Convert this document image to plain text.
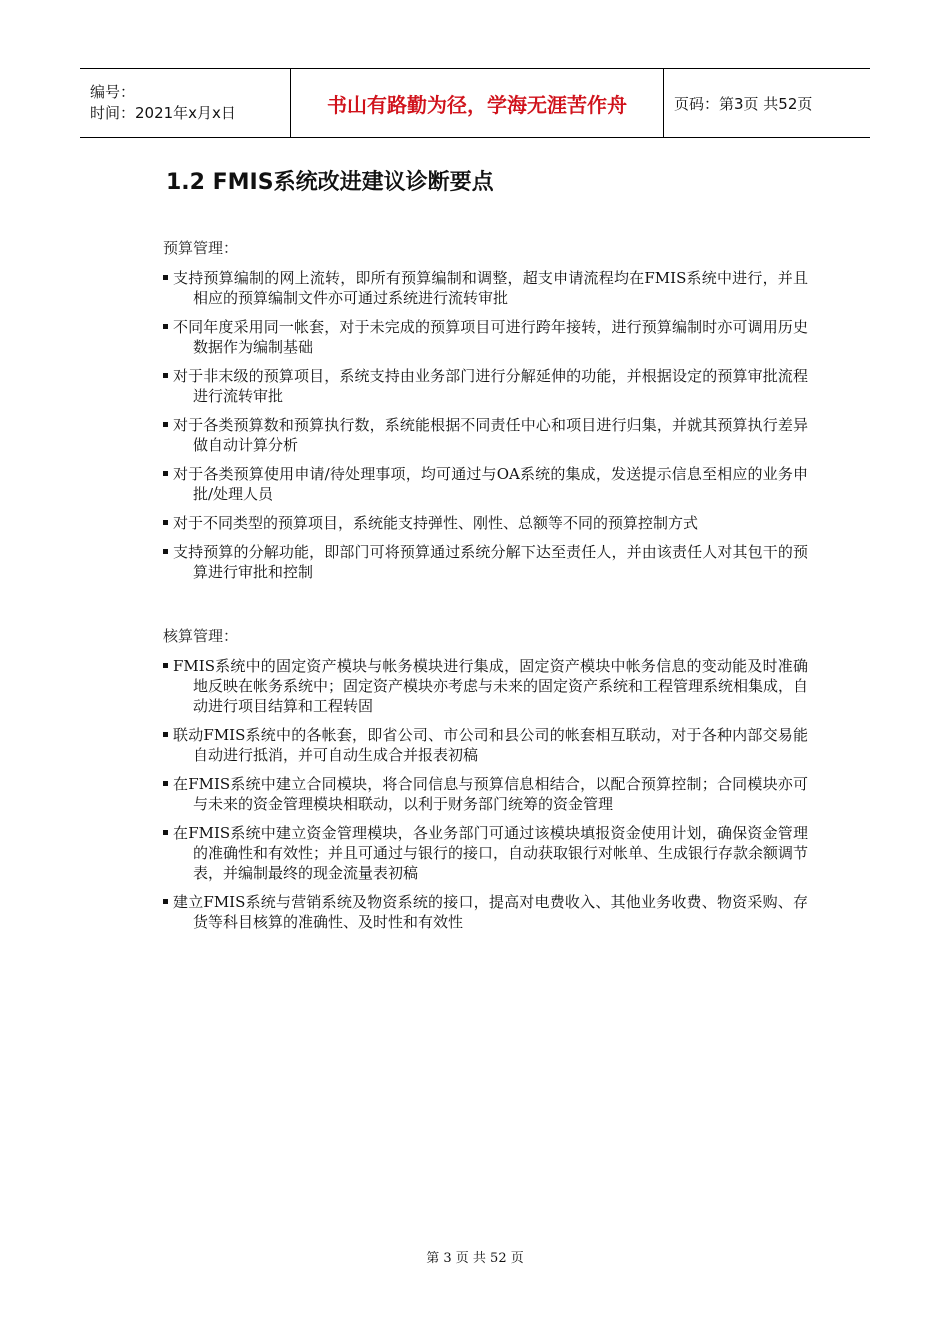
编号：
时间：2021年x月x日	书山有路勤为径，学海无涯苦作舟	页码：第3页 共52页
1.2 FMIS系统改进建议诊断要点
预算管理：
支持预算编制的网上流转，即所有预算编制和调整，超支申请流程均在FMIS系统中进行，并且相应的预算编制文件亦可通过系统进行流转审批
不同年度采用同一帐套，对于未完成的预算项目可进行跨年接转，进行预算编制时亦可调用历史数据作为编制基础
对于非末级的预算项目，系统支持由业务部门进行分解延伸的功能，并根据设定的预算审批流程进行流转审批
对于各类预算数和预算执行数，系统能根据不同责任中心和项目进行归集，并就其预算执行差异做自动计算分析
对于各类预算使用申请/待处理事项，均可通过与OA系统的集成，发送提示信息至相应的业务申批/处理人员
对于不同类型的预算项目，系统能支持弹性、刚性、总额等不同的预算控制方式
支持预算的分解功能，即部门可将预算通过系统分解下达至责任人，并由该责任人对其包干的预算进行审批和控制
核算管理：
FMIS系统中的固定资产模块与帐务模块进行集成，固定资产模块中帐务信息的变动能及时准确地反映在帐务系统中；固定资产模块亦考虑与未来的固定资产系统和工程管理系统相集成，自动进行项目结算和工程转固
联动FMIS系统中的各帐套，即省公司、市公司和县公司的帐套相互联动，对于各种内部交易能自动进行抵消，并可自动生成合并报表初稿
在FMIS系统中建立合同模块，将合同信息与预算信息相结合，以配合预算控制；合同模块亦可与未来的资金管理模块相联动，以利于财务部门统筹的资金管理
在FMIS系统中建立资金管理模块，各业务部门可通过该模块填报资金使用计划，确保资金管理的准确性和有效性；并且可通过与银行的接口，自动获取银行对帐单、生成银行存款余额调节表，并编制最终的现金流量表初稿
建立FMIS系统与营销系统及物资系统的接口，提高对电费收入、其他业务收费、物资采购、存货等科目核算的准确性、及时性和有效性
第 3 页 共 52 页
